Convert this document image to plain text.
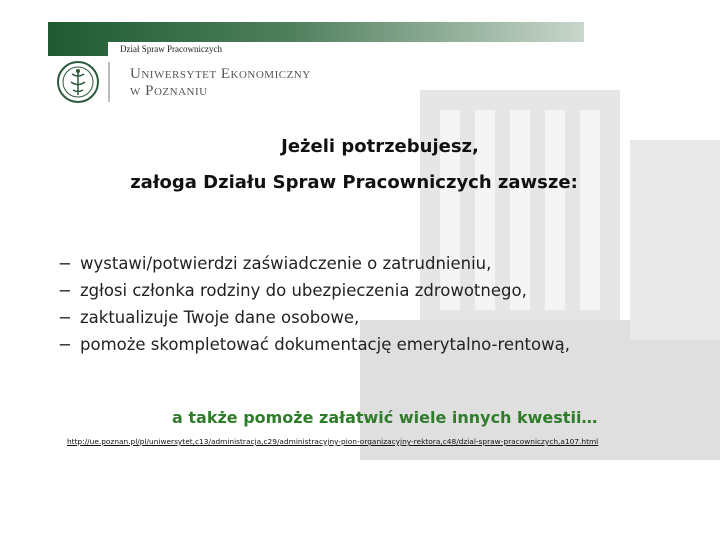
Dział Spraw Pracowniczych
Uniwersytet Ekonomiczny
w Poznaniu
Jeżeli potrzebujesz,
załoga Działu Spraw Pracowniczych zawsze:
− wystawi/potwierdzi zaświadczenie o zatrudnieniu,
− zgłosi członka rodziny do ubezpieczenia zdrowotnego,
− zaktualizuje Twoje dane osobowe,
− pomoże skompletować dokumentację emerytalno-rentową,
a także pomoże załatwić wiele innych kwestii…
http://ue.poznan.pl/pl/uniwersytet,c13/administracja,c29/administracyjny-pion-organizacyjny-rektora,c48/dzial-spraw-pracowniczych,a107.html
